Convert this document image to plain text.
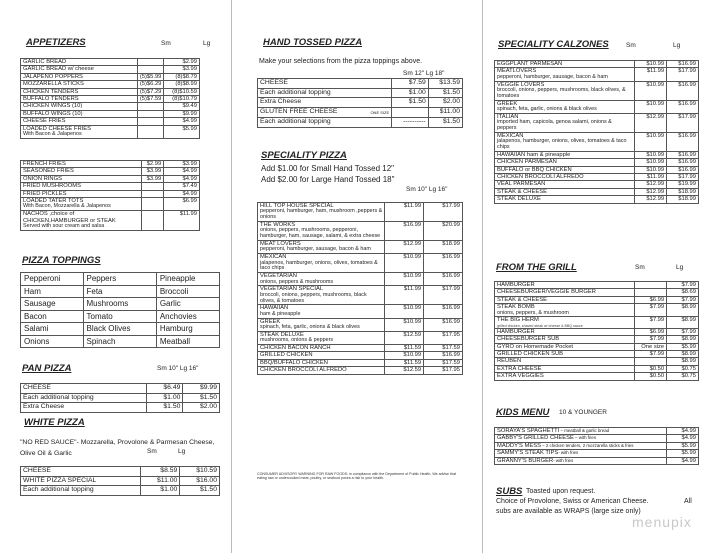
APPETIZERS	Sm	Lg
GARLIC BREAD		$2.99
GARLIC BREAD w/ cheese		$3.99
JALAPENO POPPERS	(5)$5.99	(8)$8.79
MOZZARELLA STICKS	(5)$6.29	(8)$8.99
CHICKEN TENDERS	(5)$7.29	(8)$10.59
BUFFALO TENDERS	(5)$7.59	(8)$10.79
CHICKEN WINGS (10)		$9.49
BUFFALO WINGS (10)		$9.99
CHEESE FRIES		$4.99
LOADED CHEESE FRIES
With Bacon & Jalapenos		$5.99
FRENCH FRIES	$2.99	$3.99
SEASONED FRIES	$3.99	$4.99
ONION RINGS	$3.99	$4.99
FRIED MUSHROOMS		$7.49
FRIED PICKLES		$4.99
LOADED TATER TOTS
With Bacon, Mozzarella & Jalapenos		$6.99
NACHOS ,choice of CHICKEN,HAMBURGER or STEAK
Served with sour cream and salsa		$11.99
PIZZA TOPPINGS
Pepperoni	Peppers	Pineapple
Ham	Feta	Broccoli
Sausage	Mushrooms	Garlic
Bacon	Tomato	Anchovies
Salami	Black Olives	Hamburg
Onions	Spinach	Meatball
PAN PIZZA	Sm 10" Lg 16"
CHEESE	$6.49	$9.99
Each additional topping	$1.00	$1.50
Extra Cheese	$1.50	$2.00
WHITE PIZZA
Sm	Lg
"NO RED SAUCE"- Mozzarella, Provolone & Parmesan Cheese, Olive Oil & Garlic
CHEESE	$8.59	$10.59
WHITE PIZZA SPECIAL	$11.00	$16.00
Each additional topping	$1.00	$1.50
HAND TOSSED PIZZA
Make your selections from the pizza toppings above.
Sm 12" Lg 18"
CHEESE	$7.59	$13.59
Each additional topping	$1.00	$1.50
Extra Cheese	$1.50	$2.00
GLUTEN FREE CHEESE ONE SIZE		$11.00
Each additional topping	----------	$1.50
SPECIALITY PIZZA
Add $1.00 for Small Hand Tossed 12"
Add $2.00 for Large Hand Tossed 18"
Sm 10" Lg 16"
HILL TOP HOUSE SPECIAL
pepperoni, hamburger, ham, mushroom ,peppers & onions	$11.99	$17.99
THE WORKS
onions, peppers, mushrooms, pepperoni, hamburger, ham, sausage, salami, & extra cheese	$16.99	$20.99
MEAT LOVERS
pepperoni, hamburger, sausage, bacon & ham	$12.99	$18.99
MEXICAN
jalapenos, hamburger, onions, olives, tomatoes & taco chips	$10.99	$16.99
VEGETARIAN
onions, peppers & mushrooms	$10.99	$16.99
VEGETARIAN SPECIAL
broccoli, onions, peppers, mushrooms, black olives, & tomatoes	$11.99	$17.99
HAWAIIAN
ham & pineapple	$10.99	$16.99
GREEK
spinach, feta, garlic, onions & black olives	$10.99	$16.99
STEAK DELUXE
mushrooms, onions & peppers	$12.59	$17.95
CHICKEN BACON RANCH	$11.59	$17.59
GRILLED CHICKEN	$10.99	$16.99
BBQ/BUFFALO CHICKEN	$11.59	$17.59
CHICKEN BROCCOLI ALFREDO	$12.59	$17.95
CONSUMER ADVISORY WARNING FOR RAW FOODS: in compliance with the Department of Public Health, We advise that eating raw or undercooked meat, poultry, or seafood poses a risk to your health.
SPECIALITY CALZONES	Sm	Lg
EGGPLANT PARMESAN	$10.99	$16.99
MEATLOVERS
pepperoni, hamburger, sausage, bacon & ham	$11.99	$17.99
VEGGIE LOVERS
broccoli, onions, peppers, mushrooms, black olives, & tomatoes	$10.99	$16.99
GREEK
spinach, feta, garlic, onions & black olives	$10.99	$16.99
ITALIAN
imported ham, capicola, genoa salami, onions & peppers	$12.99	$17.99
MEXICAN
jalapenos, hamburger, onions, olives, tomatoes & taco chips	$10.99	$16.99
HAWAIIAN ham & pineapple	$10.99	$16.99
CHICKEN PARMESAN	$10.99	$16.99
BUFFALO or BBQ CHICKEN	$10.99	$16.99
CHICKEN BROCCOLI ALFREDO	$11.99	$17.99
VEAL PARMESAN	$12.99	$19.99
STEAK & CHEESE	$12.99	$18.99
STEAK DELUXE	$12.99	$18.99
FROM THE GRILL	Sm	Lg
HAMBURGER		$7.99
CHEESEBURGER/VEGGIE BURGER		$8.69
STEAK & CHEESE	$6.99	$7.99
STEAK BOMB
onions, peppers, & mushroom	$7.99	$8.99
THE BIG HERM
grilled chicken, shaved steak w/ cheese & BBQ sauce	$7.99	$8.99
HAMBURGER	$6.99	$7.99
CHEESEBURGER SUB	$7.99	$8.99
GYRO on Homemade Pocket	One size	$5.99
GRILLED CHICKEN SUB	$7.99	$8.99
REUBEN		$8.99
EXTRA CHEESE	$0.50	$0.75
EXTRA VEGGIES	$0.50	$0.75
KIDS MENU 10 & YOUNGER
SORAYA'S SPAGHETTI – meatball & garlic bread	$4.99
GABBY'S GRILLED CHEESE – with fries	$4.99
MADDY'S MESS – 2 chicken tenders, 2 mozzarella sticks & fries	$5.99
SAMMY'S STEAK TIPS- with fries	$5.99
GRANNY'S BURGER- with fries	$4.99
SUBS Toasted upon request.
Choice of Provolone, Swiss or American Cheese.	All
subs are available as WRAPS (large size only)
menupix
